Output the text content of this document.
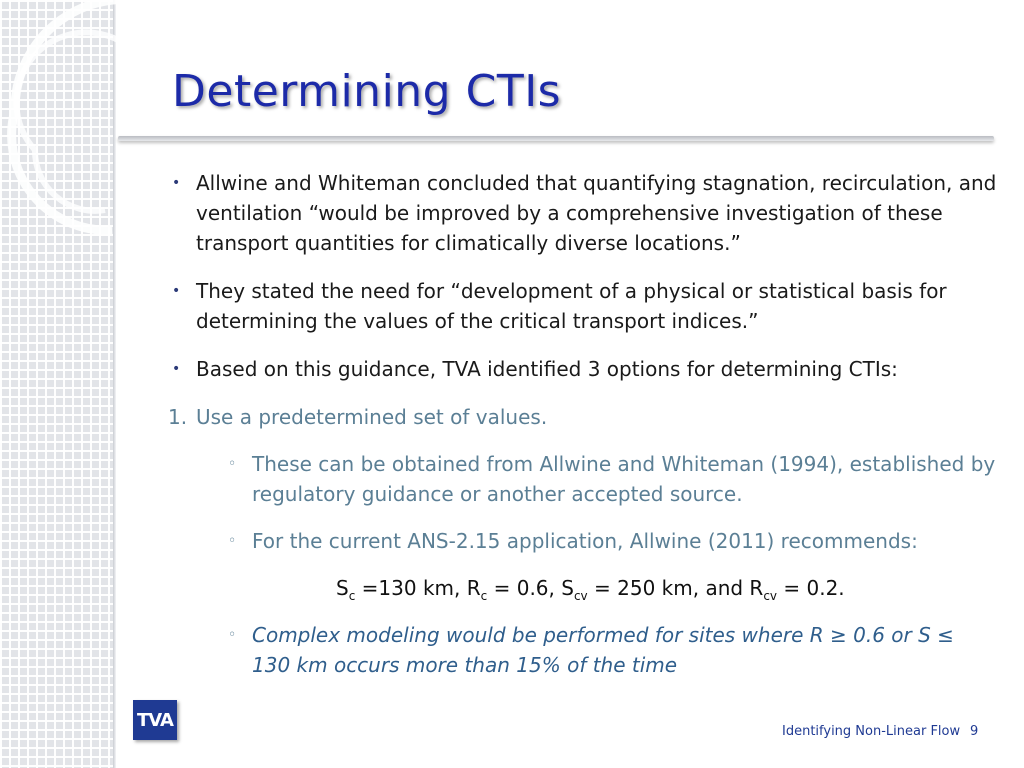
Determining CTIs
• Allwine and Whiteman concluded that quantifying stagnation, recirculation, and ventilation “would be improved by a comprehensive investigation of these transport quantities for climatically diverse locations.”
• They stated the need for “development of a physical or statistical basis for determining the values of the critical transport indices.”
• Based on this guidance, TVA identified 3 options for determining CTIs:
1. Use a predetermined set of values.
◦ These can be obtained from Allwine and Whiteman (1994), established by regulatory guidance or another accepted source.
◦ For the current ANS-2.15 application, Allwine (2011) recommends:
$S_c =130$ km, $R_c = 0.6$, $S_{cv} = 250$ km, and $R_{cv} = 0.2$.
◦ Complex modeling would be performed for sites where R ≥ 0.6 or S ≤ 130 km occurs more than 15% of the time
TVA
Identifying Non-Linear Flow 9
